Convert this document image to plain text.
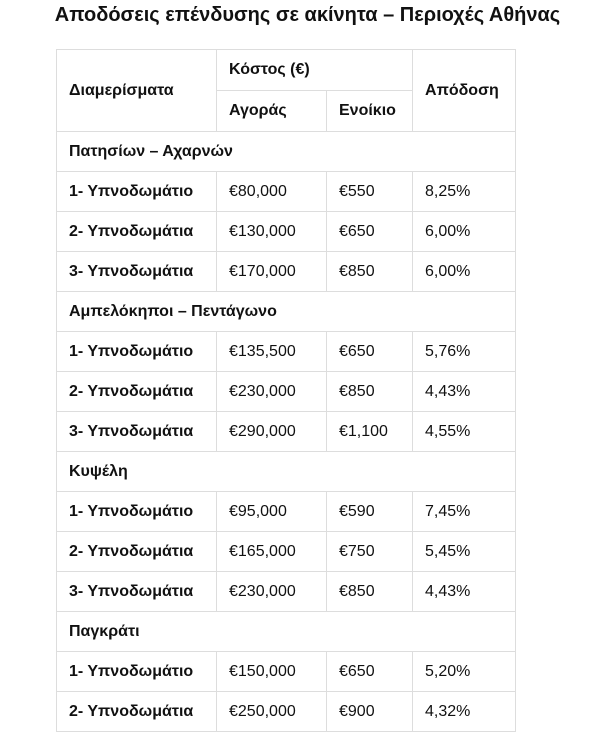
Αποδόσεις επένδυσης σε ακίνητα – Περιοχές Αθήνας
Διαμερίσματα	Κόστος (€)		Απόδοση
	Αγοράς	Ενοίκιο	
Πατησίων – Αχαρνών			
1- Υπνοδωμάτιο	€80,000	€550	8,25%
2- Υπνοδωμάτια	€130,000	€650	6,00%
3- Υπνοδωμάτια	€170,000	€850	6,00%
Αμπελόκηποι – Πεντάγωνο			
1- Υπνοδωμάτιο	€135,500	€650	5,76%
2- Υπνοδωμάτια	€230,000	€850	4,43%
3- Υπνοδωμάτια	€290,000	€1,100	4,55%
Κυψέλη			
1- Υπνοδωμάτιο	€95,000	€590	7,45%
2- Υπνοδωμάτια	€165,000	€750	5,45%
3- Υπνοδωμάτια	€230,000	€850	4,43%
Παγκράτι			
1- Υπνοδωμάτιο	€150,000	€650	5,20%
2- Υπνοδωμάτια	€250,000	€900	4,32%
